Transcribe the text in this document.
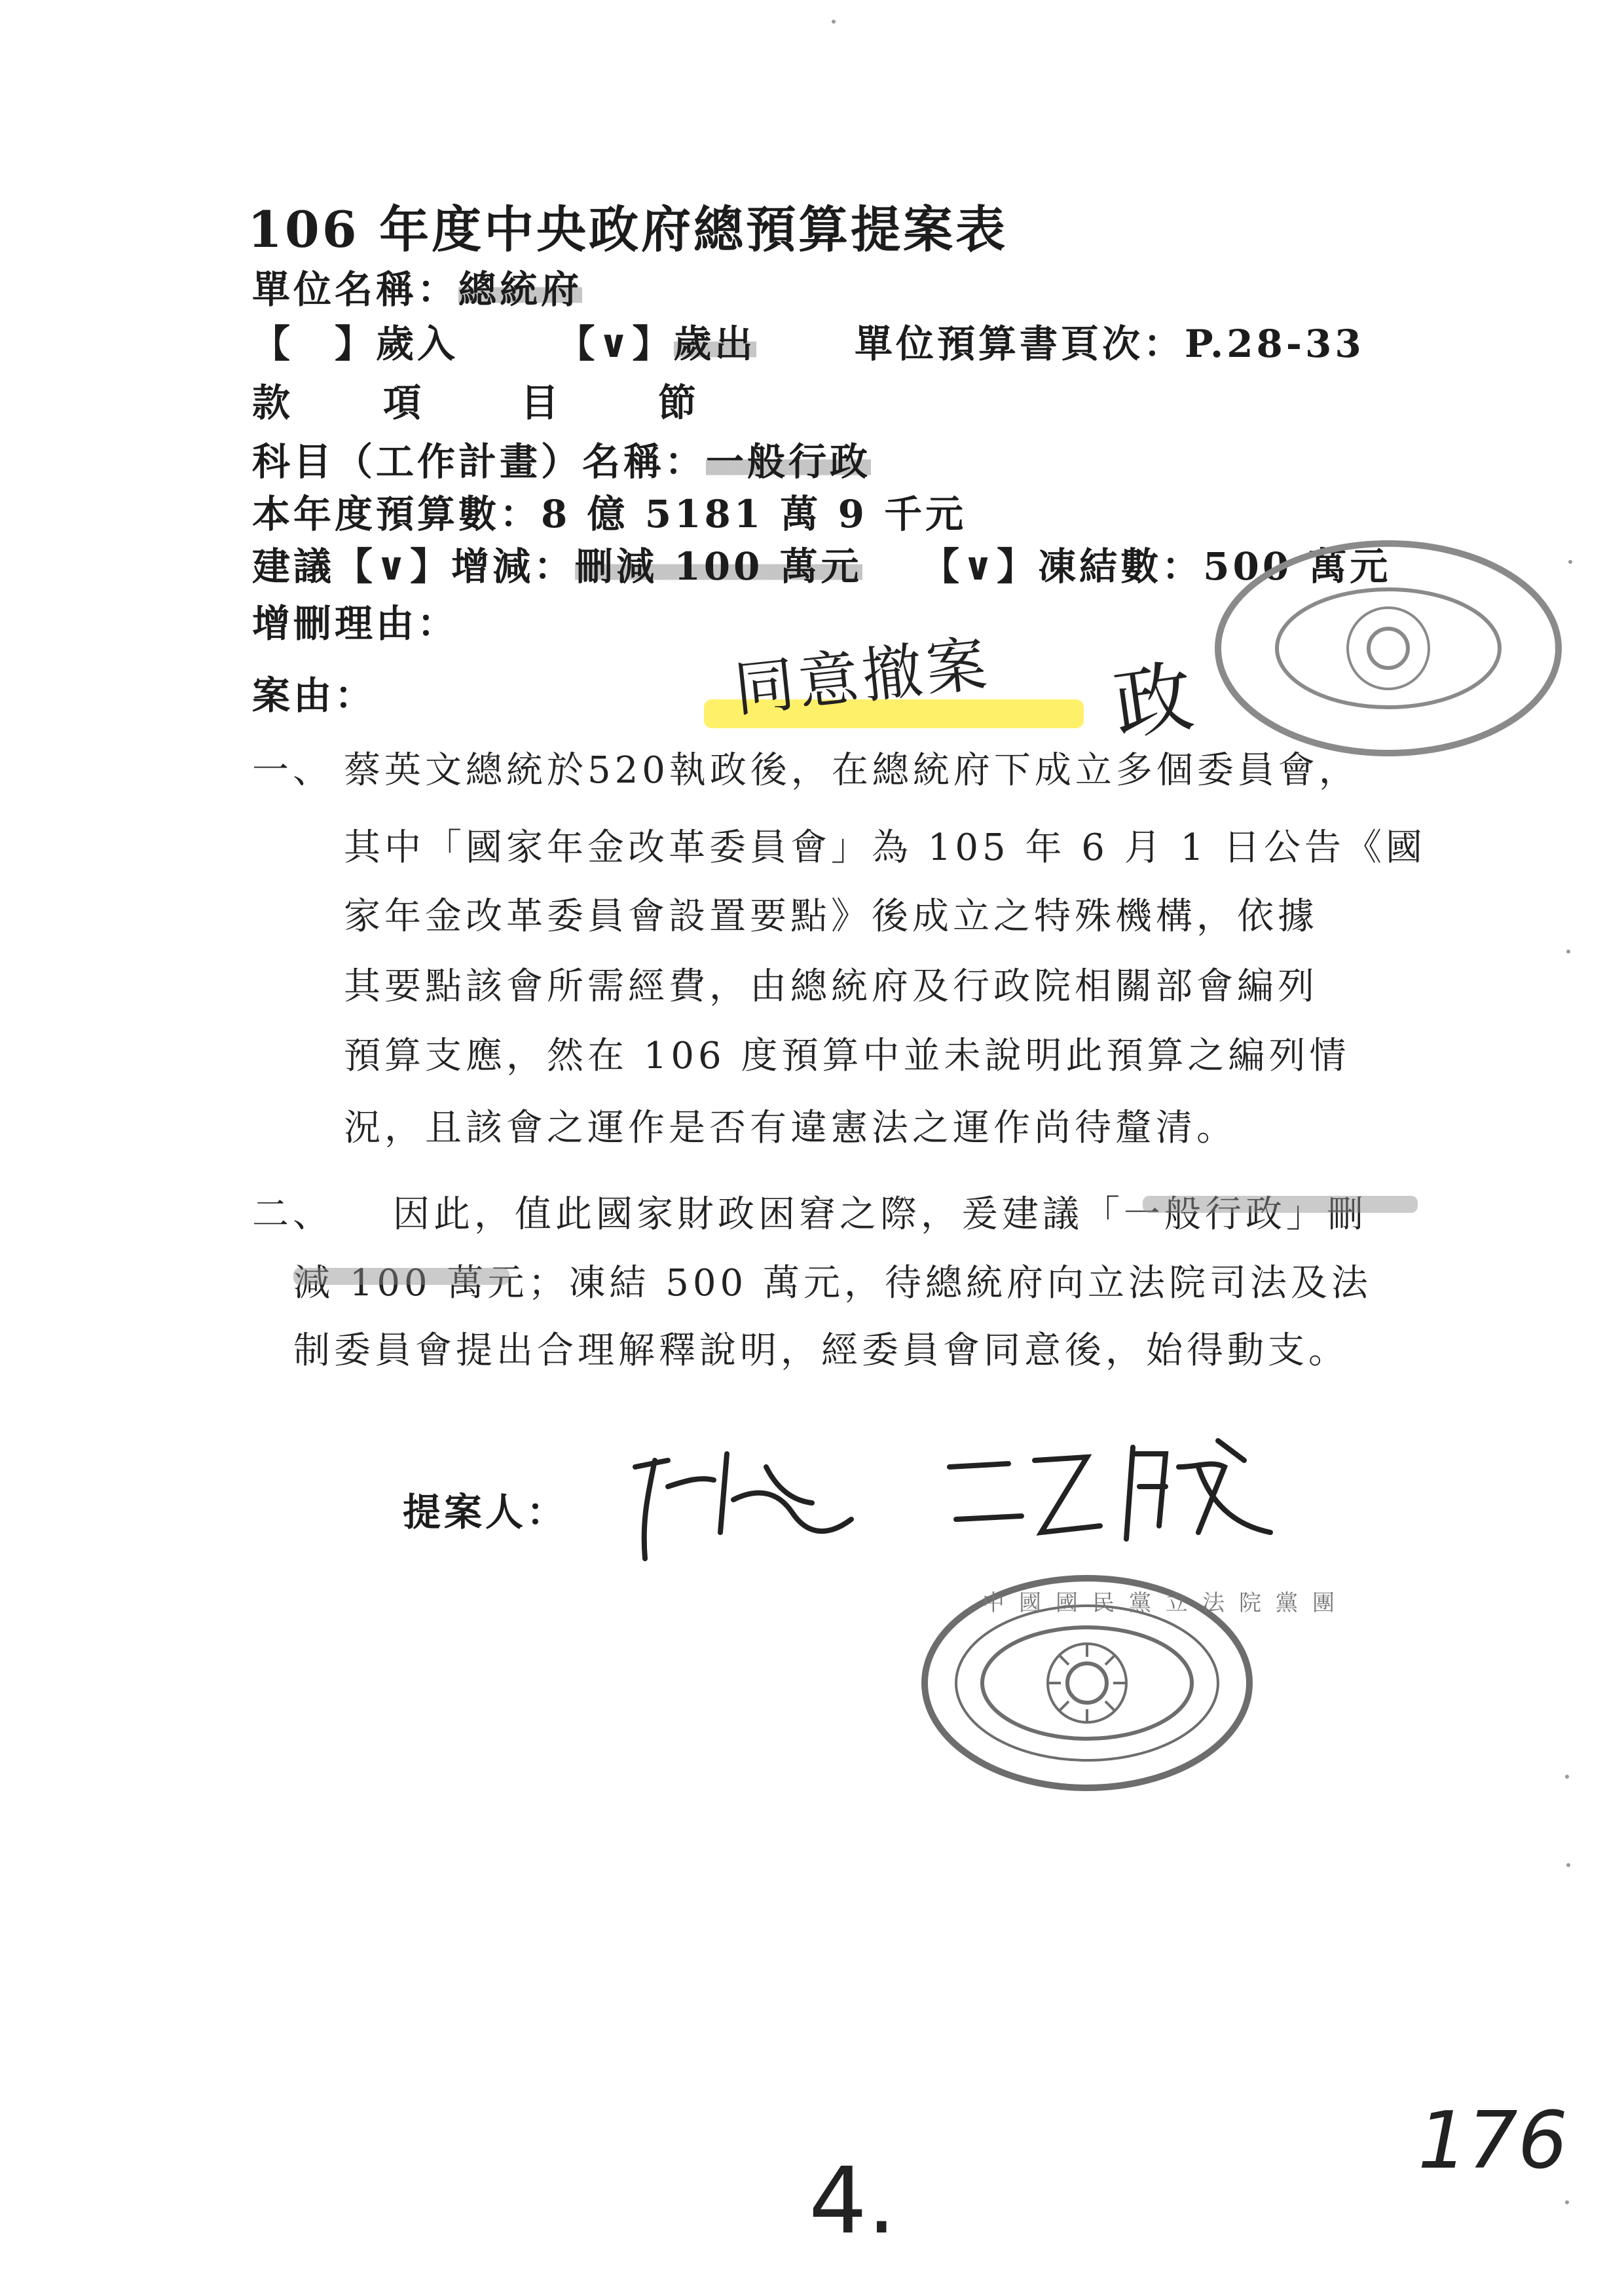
106 年度中央政府總預算提案表
單位名稱：總統府
【　】歲入	【∨】歲出	單位預算書頁次：P.28-33
款 項	目	節
科目（工作計畫）名稱：一般行政
本年度預算數：8 億 5181 萬 9 千元
建議【∨】增減：刪減 100 萬元 【∨】凍結數：500 萬元
增刪理由：
案由：	同意撤案 政
一、 蔡英文總統於520執政後，在總統府下成立多個委員會，
其中「國家年金改革委員會」為 105 年 6 月 1 日公告《國
家年金改革委員會設置要點》後成立之特殊機構，依據
其要點該會所需經費，由總統府及行政院相關部會編列
預算支應，然在 106 度預算中並未說明此預算之編列情
況，且該會之運作是否有違憲法之運作尚待釐清。
二、 因此，值此國家財政困窘之際，爰建議「一般行政」刪
減 100 萬元；凍結 500 萬元，待總統府向立法院司法及法
制委員會提出合理解釋說明，經委員會同意後，始得動支。
提案人：
中國國民黨立法院黨團
4.
176
